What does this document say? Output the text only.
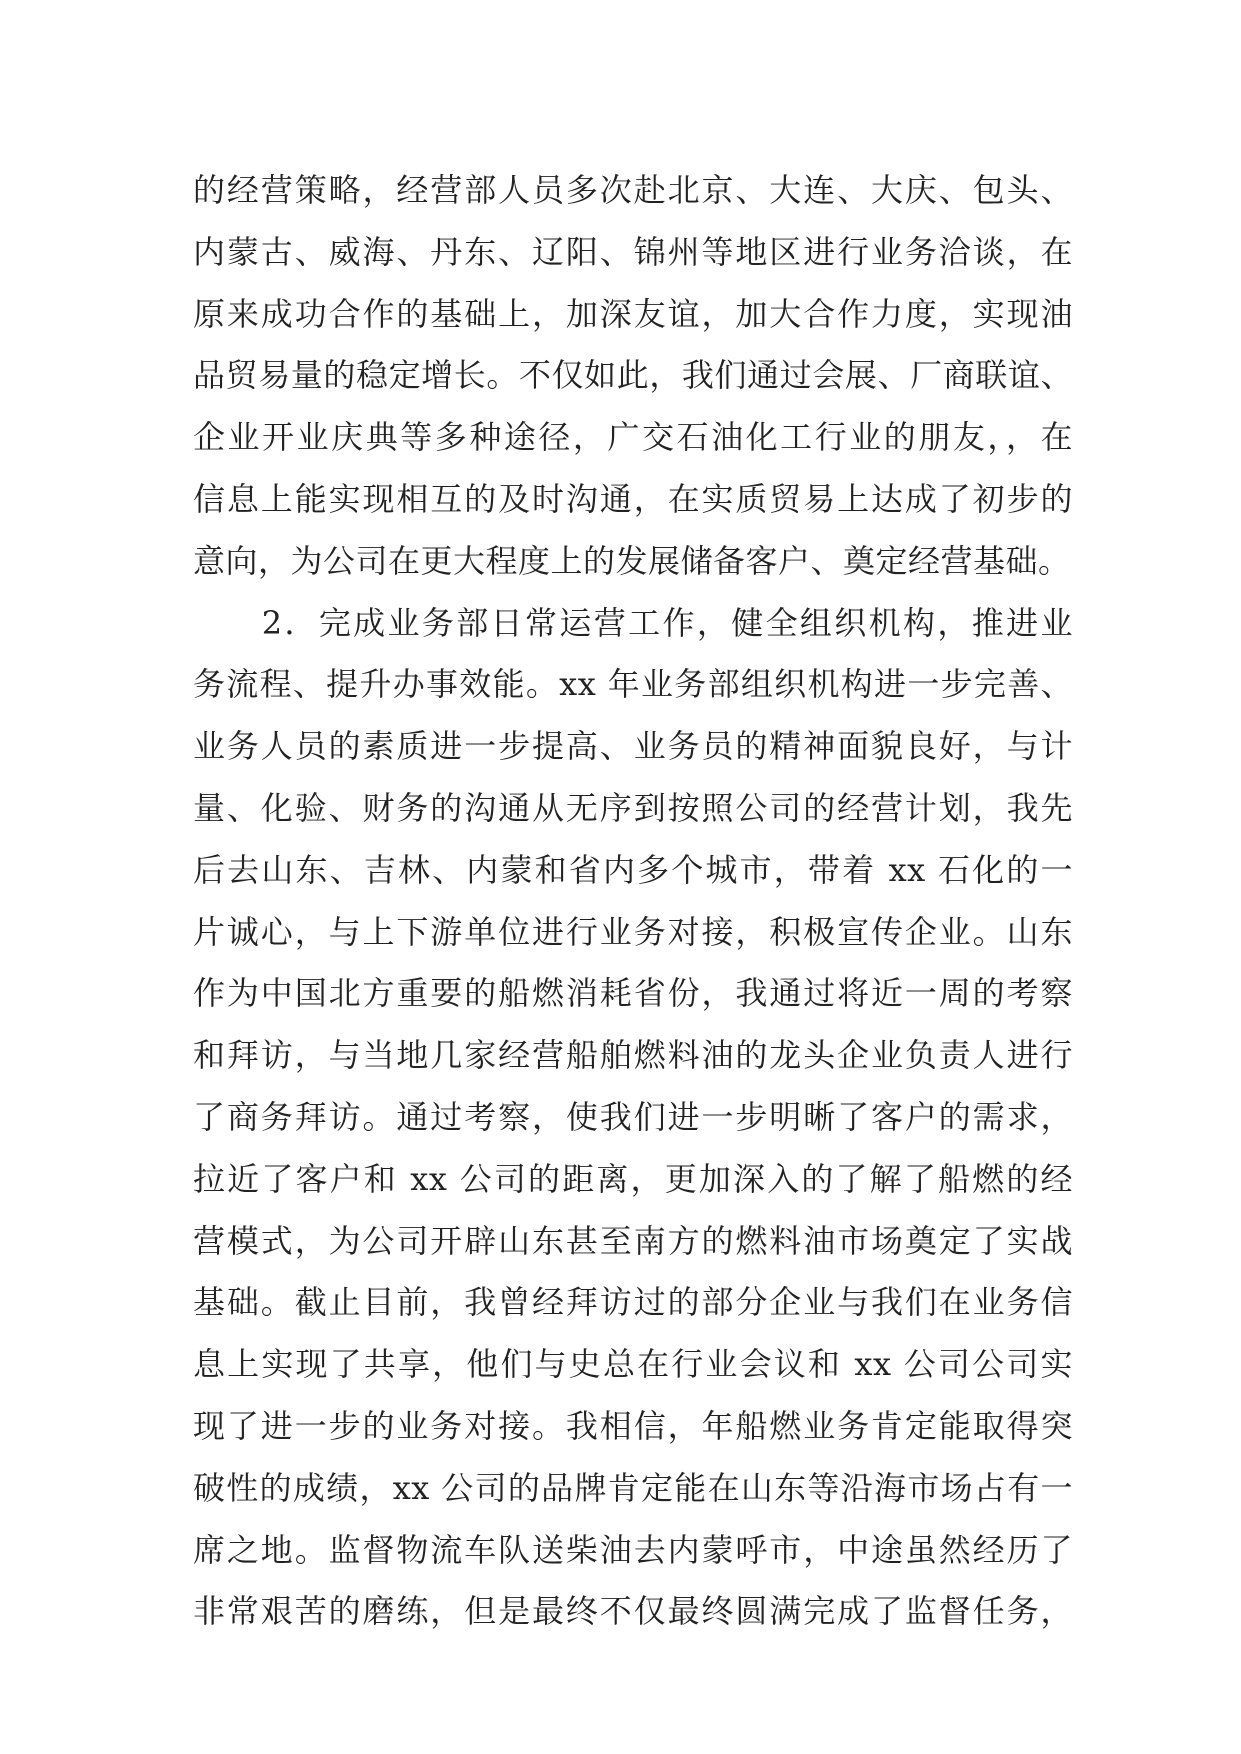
的经营策略，经营部人员多次赴北京、大连、大庆、包头、
内蒙古、威海、丹东、辽阳、锦州等地区进行业务洽谈，在
原来成功合作的基础上，加深友谊，加大合作力度，实现油
品贸易量的稳定增长。不仅如此，我们通过会展、厂商联谊、
企业开业庆典等多种途径，广交石油化工行业的朋友，，在
信息上能实现相互的及时沟通，在实质贸易上达成了初步的
意向，为公司在更大程度上的发展储备客户、奠定经营基础。
　　2．完成业务部日常运营工作，健全组织机构，推进业
务流程、提升办事效能。xx 年业务部组织机构进一步完善、
业务人员的素质进一步提高、业务员的精神面貌良好，与计
量、化验、财务的沟通从无序到按照公司的经营计划，我先
后去山东、吉林、内蒙和省内多个城市，带着 xx 石化的一
片诚心，与上下游单位进行业务对接，积极宣传企业。山东
作为中国北方重要的船燃消耗省份，我通过将近一周的考察
和拜访，与当地几家经营船舶燃料油的龙头企业负责人进行
了商务拜访。通过考察，使我们进一步明晰了客户的需求，
拉近了客户和 xx 公司的距离，更加深入的了解了船燃的经
营模式，为公司开辟山东甚至南方的燃料油市场奠定了实战
基础。截止目前，我曾经拜访过的部分企业与我们在业务信
息上实现了共享，他们与史总在行业会议和 xx 公司公司实
现了进一步的业务对接。我相信，年船燃业务肯定能取得突
破性的成绩，xx 公司的品牌肯定能在山东等沿海市场占有一
席之地。监督物流车队送柴油去内蒙呼市，中途虽然经历了
非常艰苦的磨练，但是最终不仅最终圆满完成了监督任务，
